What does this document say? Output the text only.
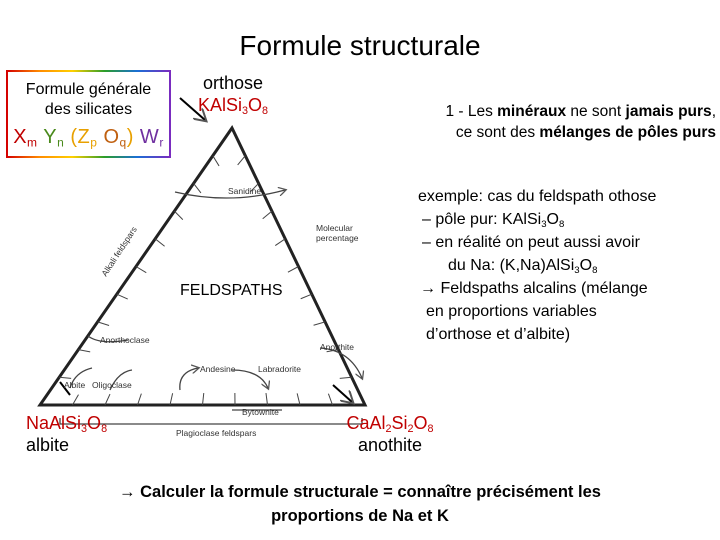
Formule structurale
Formule générale
des silicates
$X_m$ $Y_n$ ($Z_p$ $O_q$) $W_r$
orthose
$KAlSi_3O_8$	1 - Les minéraux ne sont jamais purs,
ce sont des mélanges de pôles purs
exemple: cas du feldspath othose
– pôle pur: $KAlSi_3O_8$
– en réalité on peut aussi avoir
du Na: $(K,Na)AlSi_3O_8$
→ Feldspaths alcalins (mélange
en proportions variables
d’orthose et d’albite)
Sanidine
Molecular
percentage
Alkali feldspars
Anorthoclase
Albite Oligoclase
Andesine	Labradorite
Anorthite
Bytownite
Plagioclase feldspars
FELDSPATHS
$NaAlSi_3O_8$
albite
$CaAl_2Si_2O_8$
anothite
→ Calculer la formule structurale = connaître précisément les
proportions de Na et K
